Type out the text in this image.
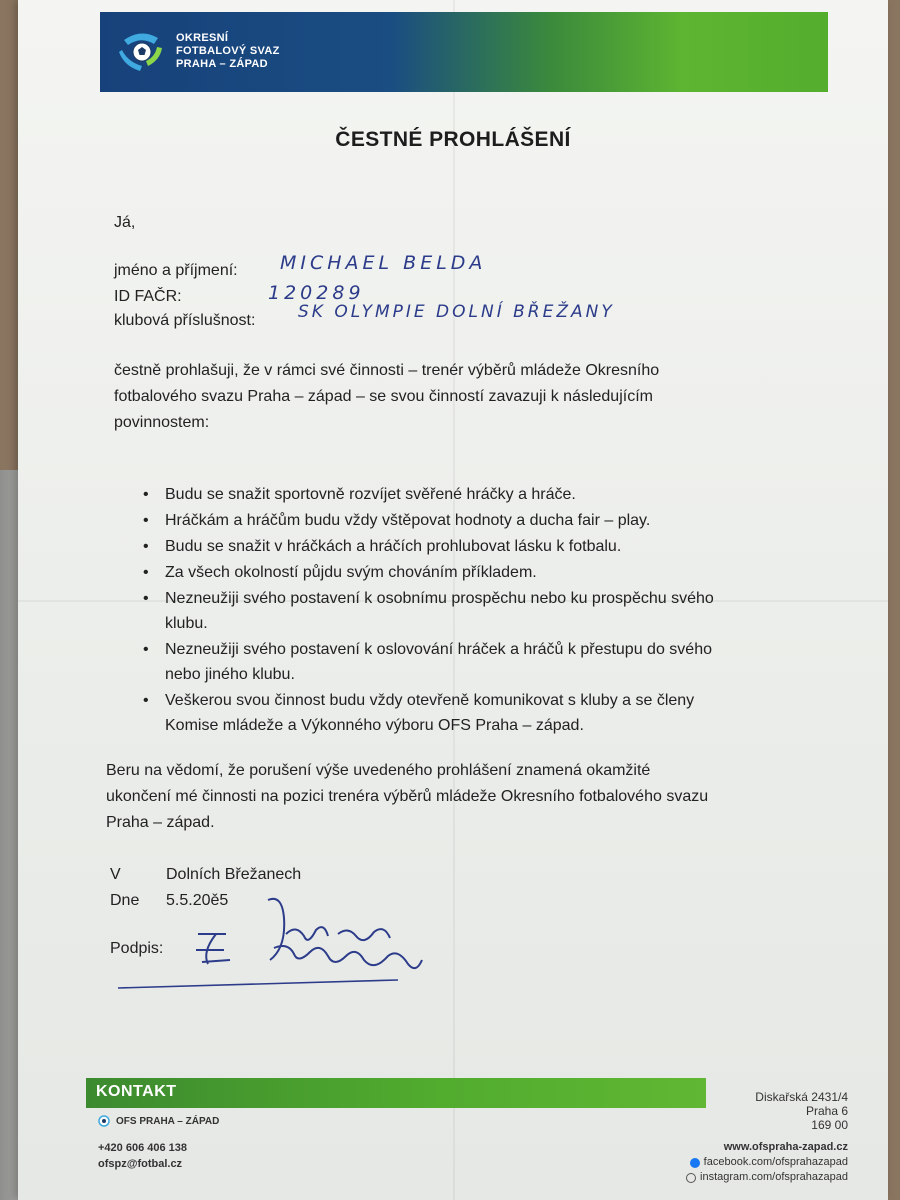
OKRESNÍ
FOTBALOVÝ SVAZ
PRAHA – ZÁPAD
ČESTNÉ PROHLÁŠENÍ
Já,
jméno a příjmení: MICHAEL BELDA
ID FAČR:	120289
klubová příslušnost:	SK OLYMPIE DOLNÍ BŘEŽANY
čestně prohlašuji, že v rámci své činnosti – trenér výběrů mládeže Okresního
fotbalového svazu Praha – západ – se svou činností zavazuji k následujícím
povinnostem:
• Budu se snažit sportovně rozvíjet svěřené hráčky a hráče.
• Hráčkám a hráčům budu vždy vštěpovat hodnoty a ducha fair – play.
• Budu se snažit v hráčkách a hráčích prohlubovat lásku k fotbalu.
• Za všech okolností půjdu svým chováním příkladem.
• Nezneužiji svého postavení k osobnímu prospěchu nebo ku prospěchu svého
klubu.
• Nezneužiji svého postavení k oslovování hráček a hráčů k přestupu do svého
nebo jiného klubu.
• Veškerou svou činnost budu vždy otevřeně komunikovat s kluby a se členy
Komise mládeže a Výkonného výboru OFS Praha – západ.
Beru na vědomí, že porušení výše uvedeného prohlášení znamená okamžité
ukončení mé činnosti na pozici trenéra výběrů mládeže Okresního fotbalového svazu
Praha – západ.
V	Dolních Břežanech
Dne 5.5.20ě5
Podpis:
KONTAKT
OFS PRAHA – ZÁPAD
+420 606 406 138
ofspz@fotbal.cz
Diskařská 2431/4
Praha 6
169 00
www.ofspraha-zapad.cz
facebook.com/ofsprahazapad
instagram.com/ofsprahazapad
